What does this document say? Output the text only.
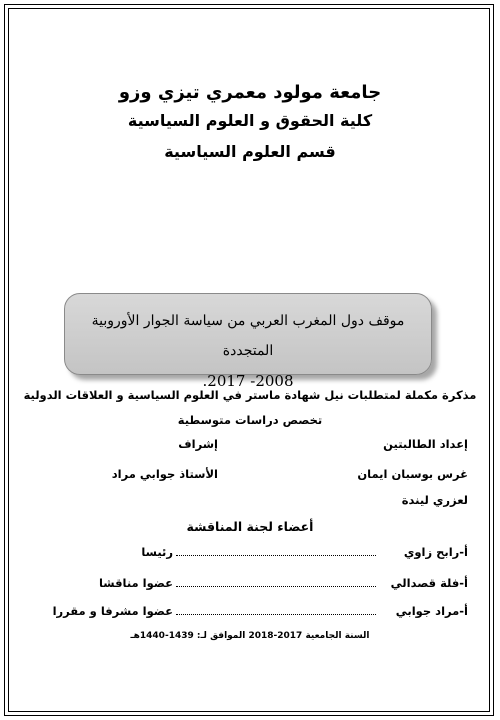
جامعة مولود معمري تيزي وزو
كلية الحقوق و العلوم السياسية
قسم العلوم السياسية
موقف دول المغرب العربي من سياسة الجوار الأوروبية المتجددة
2008- 2017.
مذكرة مكملة لمتطلبات نيل شهادة ماستر في العلوم السياسية و العلاقات الدولية
تخصص دراسات متوسطية
إعداد الطالبتين
إشراف
غرس بوسبان ايمان
الأستاذ جوابي مراد
لعزري ليندة
أعضاء لجنة المناقشة
أ-رابح زاوي
رئيسا
أ-فلة قصدالي
عضوا مناقشا
أ-مراد جوابي
عضوا مشرفا و مقررا
السنة الجامعية 2017-2018 الموافق لـ: 1439-1440هـ
